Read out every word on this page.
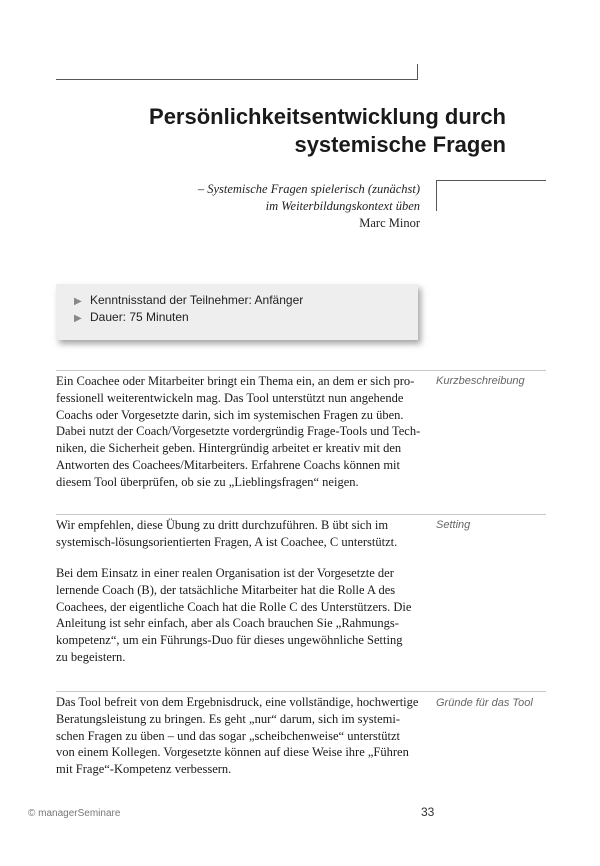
Persönlichkeitsentwicklung durch
systemische Fragen
– Systemische Fragen spielerisch (zunächst)
im Weiterbildungskontext üben
Marc Minor
▶ Kenntnisstand der Teilnehmer: Anfänger
▶ Dauer: 75 Minuten
Kurzbeschreibung
Ein Coachee oder Mitarbeiter bringt ein Thema ein, an dem er sich pro-
fessionell weiterentwickeln mag. Das Tool unterstützt nun angehende
Coachs oder Vorgesetzte darin, sich im systemischen Fragen zu üben.
Dabei nutzt der Coach/Vorgesetzte vordergründig Frage-Tools und Tech-
niken, die Sicherheit geben. Hintergründig arbeitet er kreativ mit den
Antworten des Coachees/Mitarbeiters. Erfahrene Coachs können mit
diesem Tool überprüfen, ob sie zu „Lieblingsfragen“ neigen.
Setting
Wir empfehlen, diese Übung zu dritt durchzuführen. B übt sich im
systemisch-lösungsorientierten Fragen, A ist Coachee, C unterstützt.
Bei dem Einsatz in einer realen Organisation ist der Vorgesetzte der
lernende Coach (B), der tatsächliche Mitarbeiter hat die Rolle A des
Coachees, der eigentliche Coach hat die Rolle C des Unterstützers. Die
Anleitung ist sehr einfach, aber als Coach brauchen Sie „Rahmungs-
kompetenz“, um ein Führungs-Duo für dieses ungewöhnliche Setting
zu begeistern.
Gründe für das Tool
Das Tool befreit von dem Ergebnisdruck, eine vollständige, hochwertige
Beratungsleistung zu bringen. Es geht „nur“ darum, sich im systemi-
schen Fragen zu üben – und das sogar „scheibchenweise“ unterstützt
von einem Kollegen. Vorgesetzte können auf diese Weise ihre „Führen
mit Frage“-Kompetenz verbessern.
© managerSeminare	33
